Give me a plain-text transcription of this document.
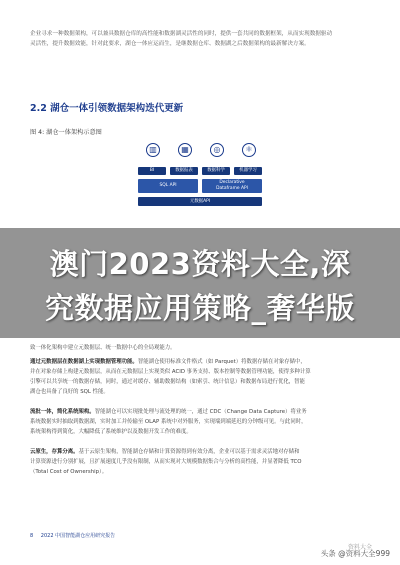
企业寻求一种数据架构，可以兼具数据仓库的高性能和数据湖灵活性的同时，提供一套共同的数据框架，从而实现数据驱动

灵活性，提升数据效能，针对此要求，湖仓一体应运而生，是继数据仓库、数据湖之后数据架构的最新解决方案。

2.2 湖仓一体引领数据架构迭代更新
图 4: 湖仓一体架构示意图
▥	▦	◎	⚛
BI	数据报表	数据科学	机器学习
SQL API
Declarative
Dataframe API
元数据API
澳门2023资料大全,深
究数据应用策略_奢华版

致一体化架构中建立元数据层、统一数据中心的全局观能力。

通过元数据层在数据湖上实现数据管理功能。智能湖仓使用标准文件格式（如 Parquet）将数据存储在对象存储中，

并在对象存储上构建元数据层，从而在元数据层上实现类似 ACID 事务支持、版本控制等数据管理功能，使得多种计算

引擎可以共享统一的数据存储，同时，通过对缓存、辅助数据结构（如索引、统计信息）和数据布局进行优化，智能

湖仓也具备了良好的 SQL 性能。

流批一体，简化系统架构。智能湖仓可以实现批处理与流处理的统一，通过 CDC（Change Data Capture）将业务

系统数据实时抽取到数据湖，实时加工并传输至 OLAP 系统中对外服务，实现端到端延迟的分钟级可见。与此同时，

系统架构得到简化，大幅降低了系统维护以及数据开发工作的难度。

云原生，存算分离。基于云原生架构，智能湖仓存储和计算资源得到有效分离，企业可以基于需求灵活地对存储和

计算资源进行分别扩展，且扩展速度几乎没有限制，从而实现对大规模数据集合与分析的高性能，并显著降低 TCO

（Total Cost of Ownership）。

8 2022 中国智能湖仓应用研究报告
资料大全
头条 @资料大全999
